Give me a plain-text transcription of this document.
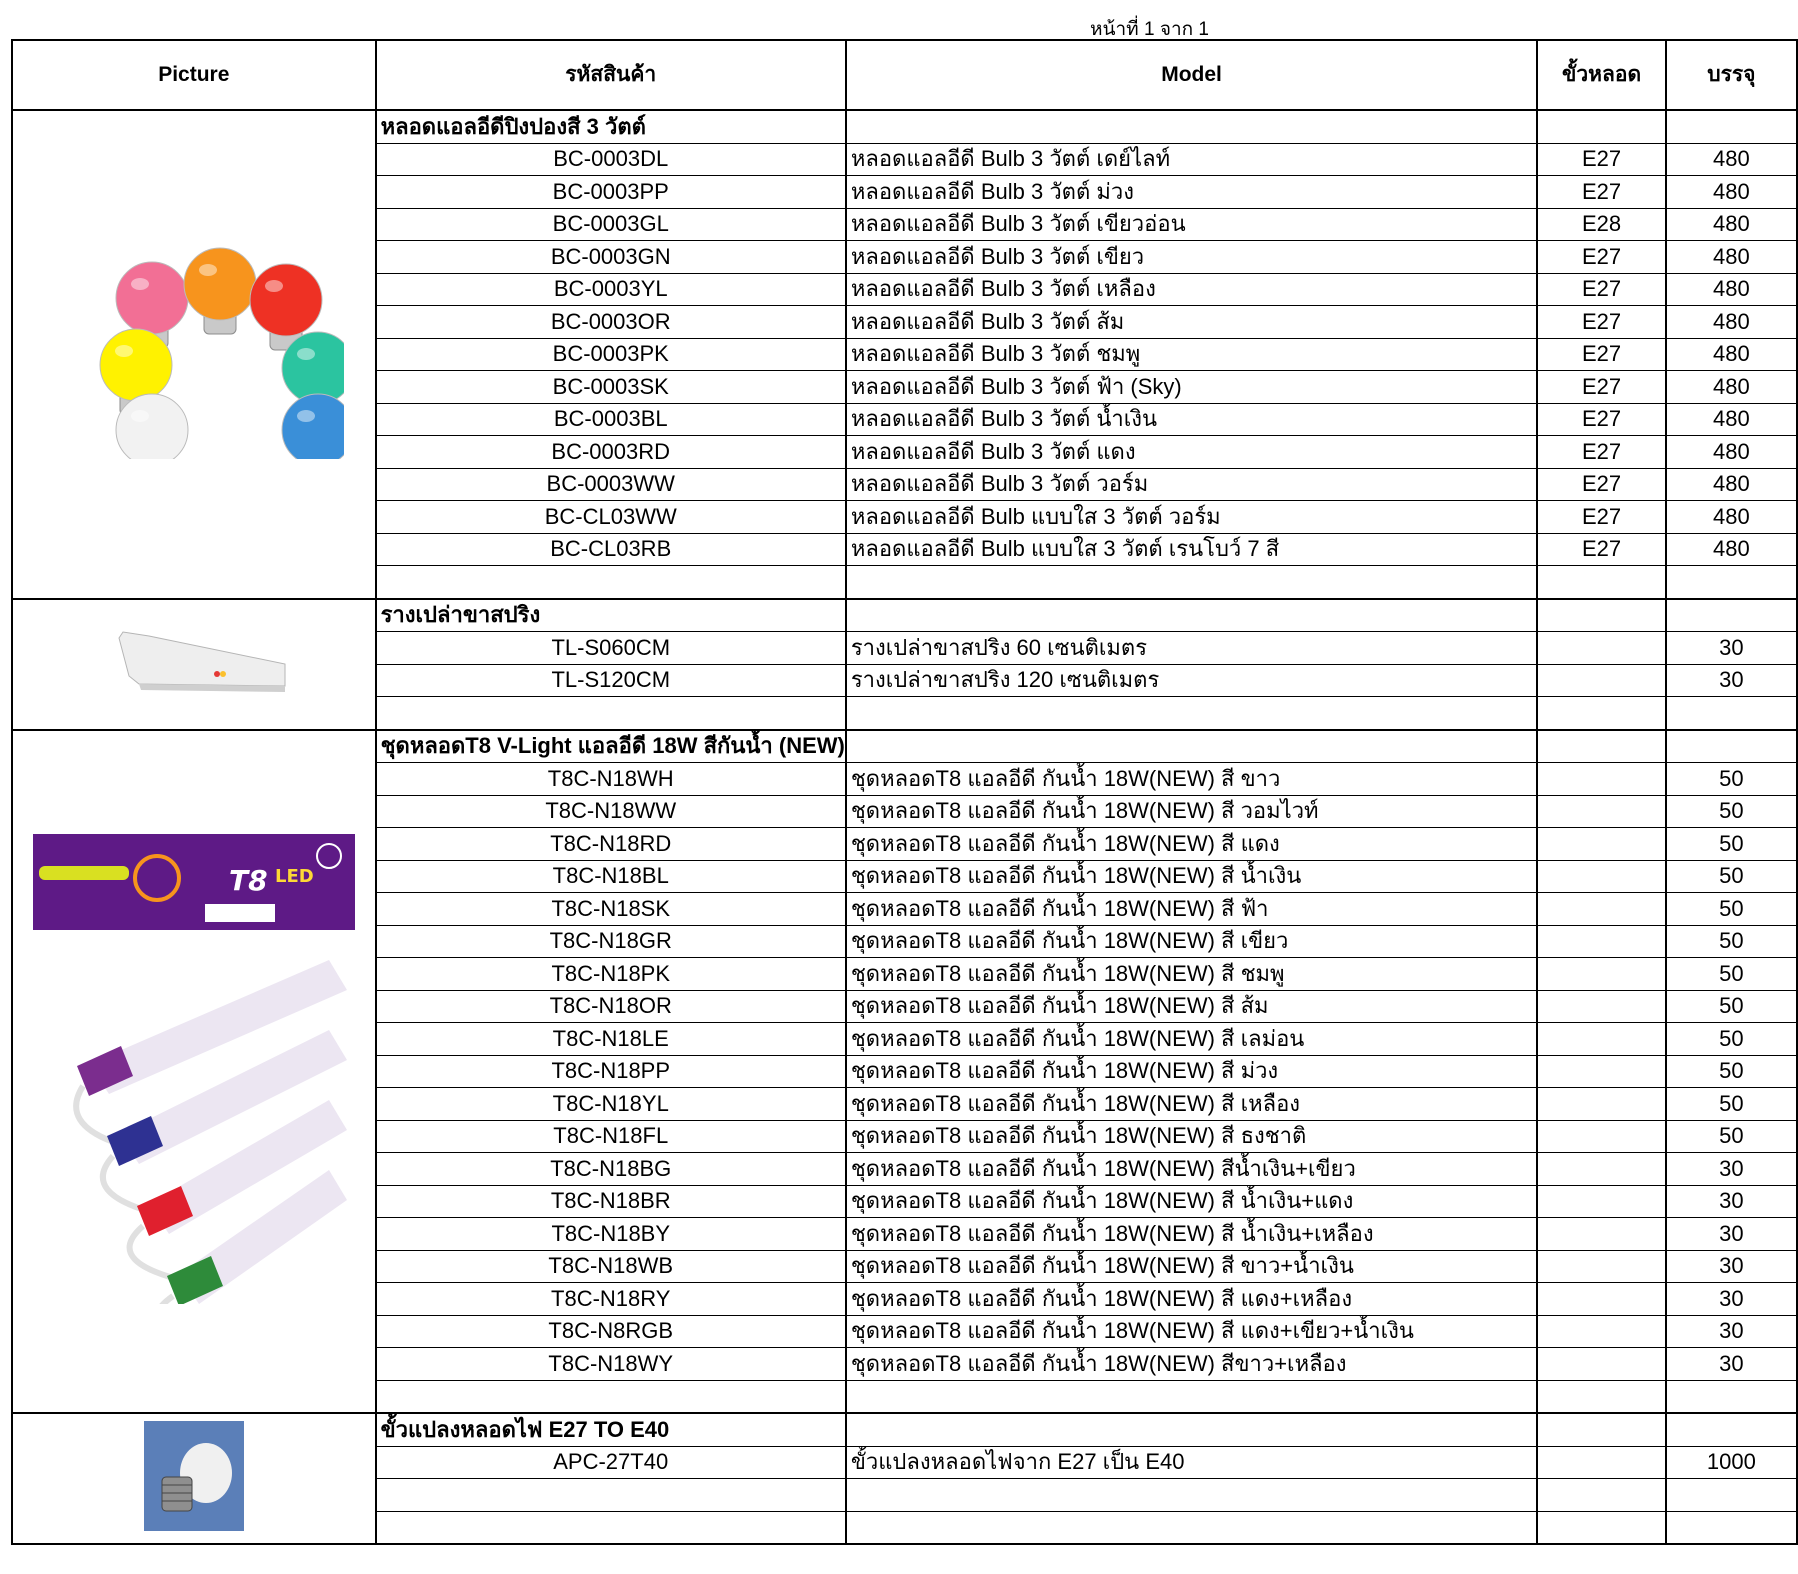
หน้าที่ 1 จาก 1
Picture	รหัสสินค้า	Model	ขั้วหลอด	บรรจุ
	หลอดแอลอีดีปิงปองสี 3 วัตต์			
	BC-0003DL	หลอดแอลอีดี Bulb 3 วัตต์ เดย์ไลท์	E27	480
	BC-0003PP	หลอดแอลอีดี Bulb 3 วัตต์ ม่วง	E27	480
	BC-0003GL	หลอดแอลอีดี Bulb 3 วัตต์ เขียวอ่อน	E28	480
	BC-0003GN	หลอดแอลอีดี Bulb 3 วัตต์ เขียว	E27	480
	BC-0003YL	หลอดแอลอีดี Bulb 3 วัตต์ เหลือง	E27	480
	BC-0003OR	หลอดแอลอีดี Bulb 3 วัตต์ ส้ม	E27	480
	BC-0003PK	หลอดแอลอีดี Bulb 3 วัตต์ ชมพู	E27	480
	BC-0003SK	หลอดแอลอีดี Bulb 3 วัตต์ ฟ้า (Sky)	E27	480
	BC-0003BL	หลอดแอลอีดี Bulb 3 วัตต์ น้ำเงิน	E27	480
	BC-0003RD	หลอดแอลอีดี Bulb 3 วัตต์ แดง	E27	480
	BC-0003WW	หลอดแอลอีดี Bulb 3 วัตต์ วอร์ม	E27	480
	BC-CL03WW	หลอดแอลอีดี Bulb แบบใส 3 วัตต์ วอร์ม	E27	480
	BC-CL03RB	หลอดแอลอีดี Bulb แบบใส 3 วัตต์ เรนโบว์ 7 สี	E27	480

	รางเปล่าขาสปริง			
	TL-S060CM	รางเปล่าขาสปริง 60 เซนติเมตร		30
	TL-S120CM	รางเปล่าขาสปริง 120 เซนติเมตร		30

T8 LED	ชุดหลอดT8 V-Light แอลอีดี 18W สีกันน้ำ (NEW)			
	T8C-N18WH	ชุดหลอดT8 แอลอีดี กันน้ำ 18W(NEW) สี ขาว		50
	T8C-N18WW	ชุดหลอดT8 แอลอีดี กันน้ำ 18W(NEW) สี วอมไวท์		50
	T8C-N18RD	ชุดหลอดT8 แอลอีดี กันน้ำ 18W(NEW) สี แดง		50
	T8C-N18BL	ชุดหลอดT8 แอลอีดี กันน้ำ 18W(NEW) สี น้ำเงิน		50
	T8C-N18SK	ชุดหลอดT8 แอลอีดี กันน้ำ 18W(NEW) สี ฟ้า		50
	T8C-N18GR	ชุดหลอดT8 แอลอีดี กันน้ำ 18W(NEW) สี เขียว		50
	T8C-N18PK	ชุดหลอดT8 แอลอีดี กันน้ำ 18W(NEW) สี ชมพู		50
	T8C-N18OR	ชุดหลอดT8 แอลอีดี กันน้ำ 18W(NEW) สี ส้ม		50
	T8C-N18LE	ชุดหลอดT8 แอลอีดี กันน้ำ 18W(NEW) สี เลม่อน		50
	T8C-N18PP	ชุดหลอดT8 แอลอีดี กันน้ำ 18W(NEW) สี ม่วง		50
	T8C-N18YL	ชุดหลอดT8 แอลอีดี กันน้ำ 18W(NEW) สี เหลือง		50
	T8C-N18FL	ชุดหลอดT8 แอลอีดี กันน้ำ 18W(NEW) สี ธงชาติ		50
	T8C-N18BG	ชุดหลอดT8 แอลอีดี กันน้ำ 18W(NEW) สีน้ำเงิน+เขียว		30
	T8C-N18BR	ชุดหลอดT8 แอลอีดี กันน้ำ 18W(NEW) สี น้ำเงิน+แดง		30
	T8C-N18BY	ชุดหลอดT8 แอลอีดี กันน้ำ 18W(NEW) สี น้ำเงิน+เหลือง		30
	T8C-N18WB	ชุดหลอดT8 แอลอีดี กันน้ำ 18W(NEW) สี ขาว+น้ำเงิน		30
	T8C-N18RY	ชุดหลอดT8 แอลอีดี กันน้ำ 18W(NEW) สี แดง+เหลือง		30
	T8C-N8RGB	ชุดหลอดT8 แอลอีดี กันน้ำ 18W(NEW) สี แดง+เขียว+น้ำเงิน		30
	T8C-N18WY	ชุดหลอดT8 แอลอีดี กันน้ำ 18W(NEW) สีขาว+เหลือง		30

	ขั้วแปลงหลอดไฟ E27 TO E40			
	APC-27T40	ขั้วแปลงหลอดไฟจาก E27 เป็น E40		1000
